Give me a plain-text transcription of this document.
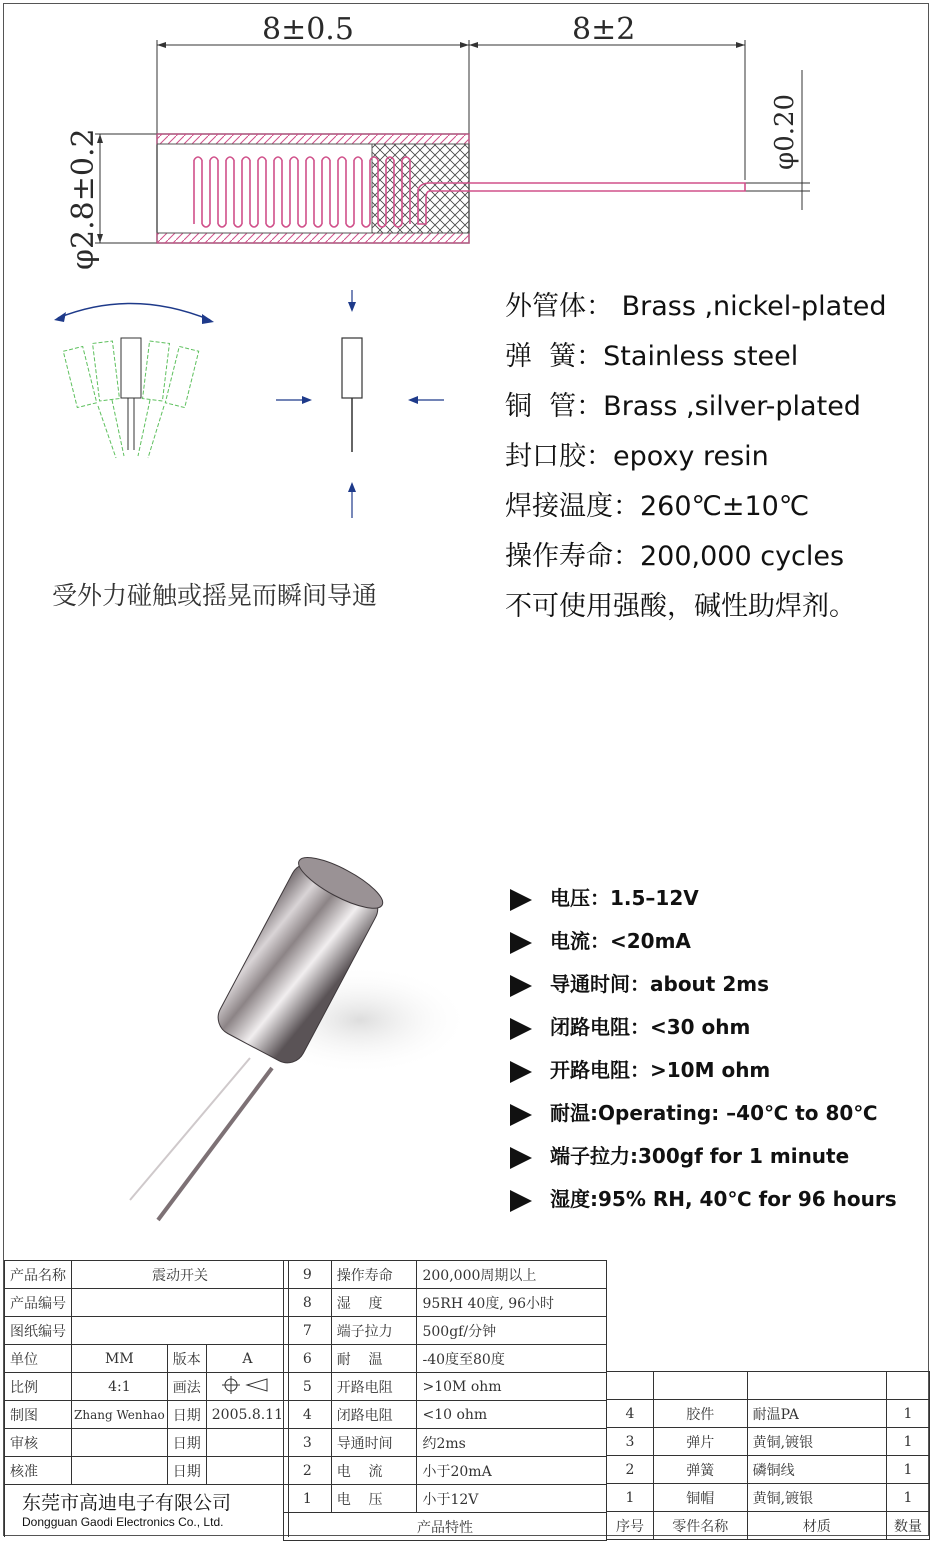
8±0.5	8±2
φ2.8±0.2	φ0.20
受外力碰触或摇晃而瞬间导通
外管体： Brass ,nickel-plated
弹  簧：Stainless steel
铜  管：Brass ,silver-plated
封口胶：epoxy resin
焊接温度：260℃±10℃
操作寿命：200,000 cycles
不可使用强酸，碱性助焊剂。
电压：1.5–12V
电流：<20mA
导通时间：about 2ms
闭路电阻：<30 ohm
开路电阻：>10M ohm
耐温:Operating: –40℃ to 80℃
端子拉力:300gf for 1 minute
湿度:95% RH, 40℃ for 96 hours
产品名称	震动开关		
产品编号			
图纸编号			
单位	MM	版本	A
比例	4:1	画法	
制图	Zhang Wenhao	日期	2005.8.11
审核		日期	
核准		日期	

9	操作寿命	200,000周期以上
8	湿    度	95RH 40度, 96小时
7	端子拉力	500gf/分钟
6	耐    温	-40度至80度
5	开路电阻	>10M ohm
4	闭路电阻	<10 ohm
3	导通时间	约2ms
2	电    流	小于20mA
1	电    压	小于12V
产品特性		

4	胶件	耐温PA	1
3	弹片	黄铜,镀银	1
2	弹簧	磷铜线	1
1	铜帽	黄铜,镀银	1
序号	零件名称	材质	数量
东莞市高迪电子有限公司
Dongguan Gaodi Electronics Co., Ltd.
